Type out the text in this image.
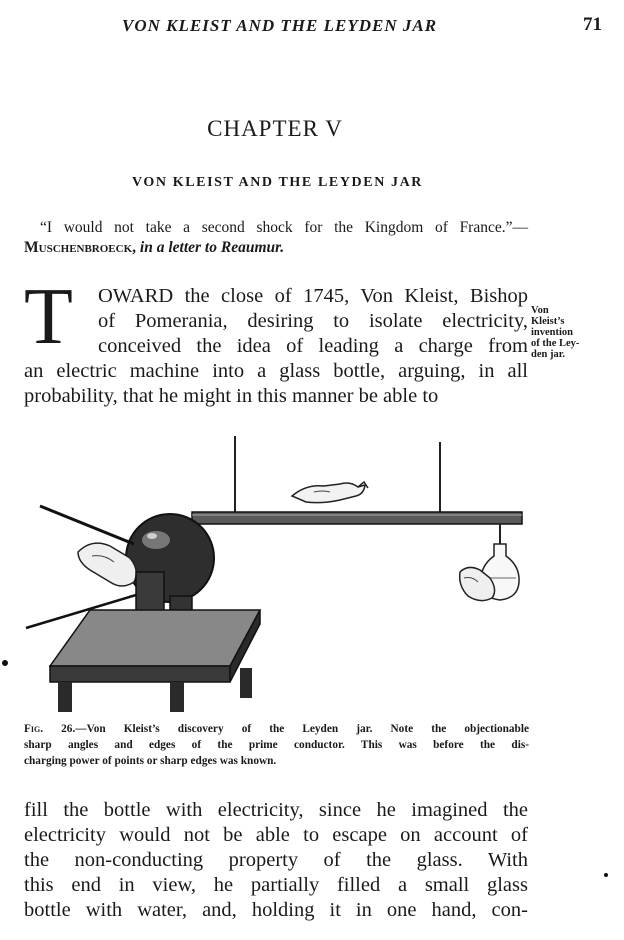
VON KLEIST AND THE LEYDEN JAR	71
CHAPTER V
VON KLEIST AND THE LEYDEN JAR
“I would not take a second shock for the Kingdom of France.”—Muschenbroeck, in a letter to Reaumur.
T	OWARD the close of 1745, Von Kleist, Bishop
of Pomerania, desiring to isolate electricity,
conceived the idea of leading a charge from
an electric machine into a glass bottle, arguing, in all
probability, that he might in this manner be able to
Von
Kleist’s
invention
of the Ley-
den jar.
Fig. 26.—Von Kleist’s discovery of the Leyden jar. Note the objectionable
sharp angles and edges of the prime conductor. This was before the dis-
charging power of points or sharp edges was known.
fill the bottle with electricity, since he imagined the
electricity would not be able to escape on account of
the non-conducting property of the glass. With
this end in view, he partially filled a small glass
bottle with water, and, holding it in one hand, con-
